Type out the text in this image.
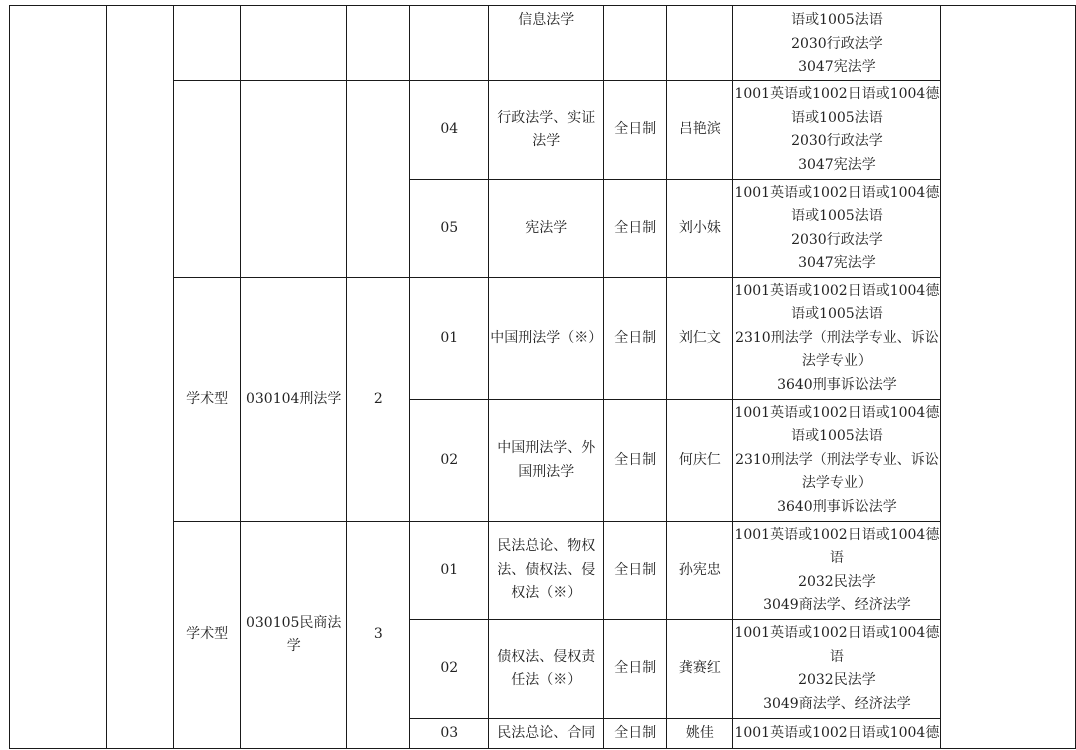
						信息法学			语或1005法语
2030行政法学
3047宪法学	

					04	行政法学、实证
法学	全日制	吕艳滨	1001英语或1002日语或1004德
语或1005法语
2030行政法学
3047宪法学	

					05	宪法学	全日制	刘小妹	1001英语或1002日语或1004德
语或1005法语
2030行政法学
3047宪法学	

		学术型	030104刑法学	2	01	中国刑法学（※）	全日制	刘仁文	1001英语或1002日语或1004德
语或1005法语
2310刑法学（刑法学专业、诉讼
法学专业）
3640刑事诉讼法学	

					02	中国刑法学、外
国刑法学	全日制	何庆仁	1001英语或1002日语或1004德
语或1005法语
2310刑法学（刑法学专业、诉讼
法学专业）
3640刑事诉讼法学	

		学术型	030105民商法学	3	01	民法总论、物权
法、债权法、侵
权法（※）	全日制	孙宪忠	1001英语或1002日语或1004德
语
2032民法学
3049商法学、经济法学	

					02	债权法、侵权责
任法（※）	全日制	龚赛红	1001英语或1002日语或1004德
语
2032民法学
3049商法学、经济法学	

					03	民法总论、合同	全日制	姚佳	1001英语或1002日语或1004德	
